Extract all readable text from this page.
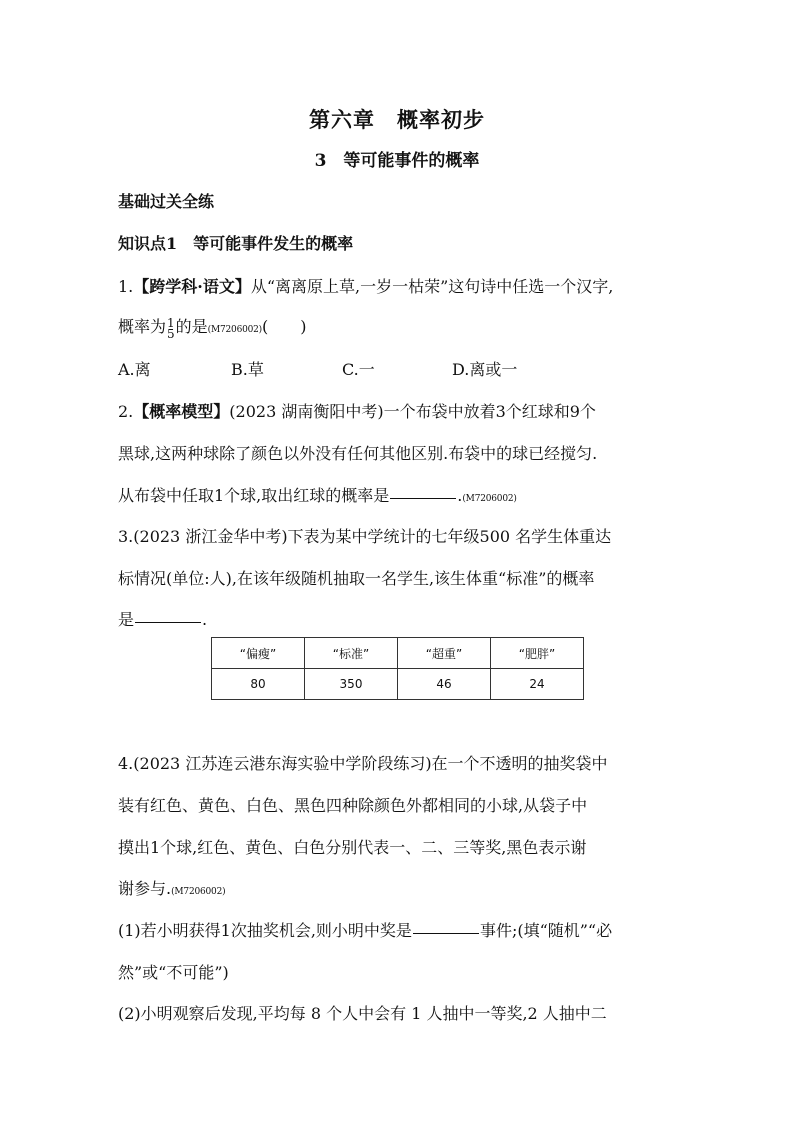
第六章　概率初步
3　等可能事件的概率
基础过关全练
知识点1　等可能事件发生的概率
1.【跨学科·语文】从“离离原上草,一岁一枯荣”这句诗中任选一个汉字,
概率为 1
5 的是(M7206002)(　　)
A.离	B.草	C.一	D.离或一
2.【概率模型】(2023 湖南衡阳中考)一个布袋中放着3个红球和9个
黑球,这两种球除了颜色以外没有任何其他区别.布袋中的球已经搅匀.
从布袋中任取1个球,取出红球的概率是	.(M7206002)
3.(2023 浙江金华中考)下表为某中学统计的七年级500 名学生体重达
标情况(单位:人),在该年级随机抽取一名学生,该生体重“标准”的概率
是	.
“偏瘦”	“标准”	“超重”	“肥胖”
80	350	46	24
4.(2023 江苏连云港东海实验中学阶段练习)在一个不透明的抽奖袋中
装有红色、黄色、白色、黑色四种除颜色外都相同的小球,从袋子中
摸出1个球,红色、黄色、白色分别代表一、二、三等奖,黑色表示谢
谢参与.(M7206002)
(1)若小明获得1次抽奖机会,则小明中奖是	事件;(填“随机”“必
然”或“不可能”)
(2)小明观察后发现,平均每 8 个人中会有 1 人抽中一等奖,2 人抽中二
